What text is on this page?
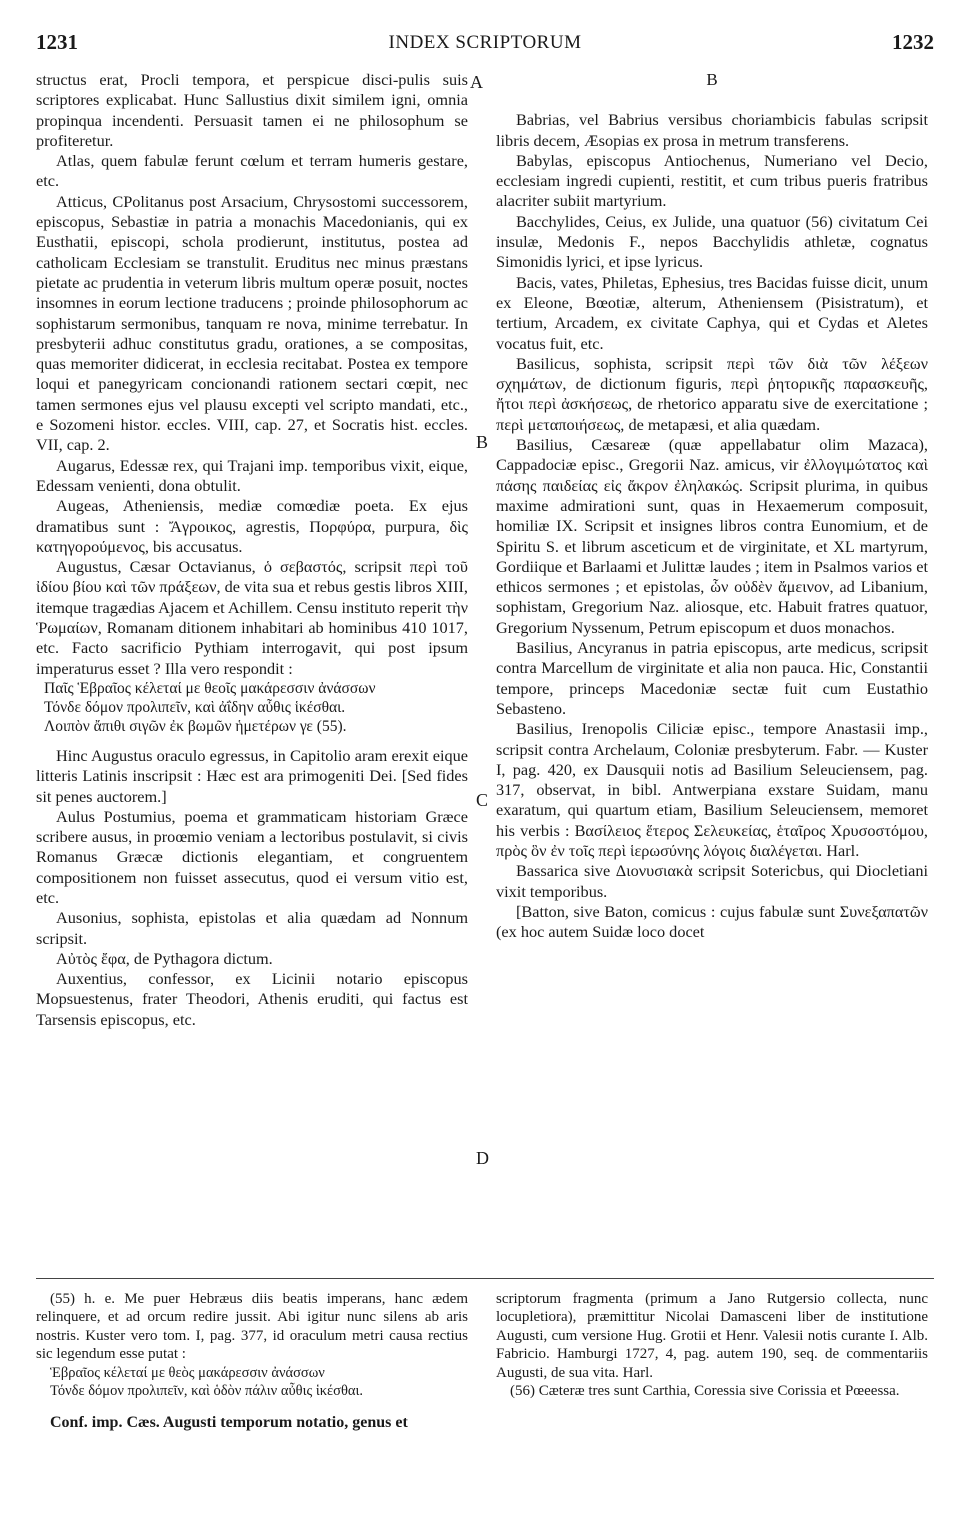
1231	INDEX SCRIPTORUM	1232
A
B
C
D

structus erat, Procli tempora, et perspicue disci-pulis suis scriptores explicabat. Hunc Sallustius dixit similem igni, omnia propinqua incendenti. Persuasit tamen ei ne philosophum se profiteretur.

Atlas, quem fabulæ ferunt cœlum et terram humeris gestare, etc.

Atticus, CPolitanus post Arsacium, Chrysostomi successorem, episcopus, Sebastiæ in patria a monachis Macedonianis, qui ex Eusthatii, episcopi, schola prodierunt, institutus, postea ad catholicam Ecclesiam se transtulit. Eruditus nec minus præstans pietate ac prudentia in veterum libris multum operæ posuit, noctes insomnes in eorum lectione traducens ; proinde philosophorum ac sophistarum sermonibus, tanquam re nova, minime terrebatur. In presbyterii adhuc constitutus gradu, orationes, a se compositas, quas memoriter didicerat, in ecclesia recitabat. Postea ex tempore loqui et panegyricam concionandi rationem sectari cœpit, nec tamen sermones ejus vel plausu excepti vel scripto mandati, etc., e Sozomeni histor. eccles. VIII, cap. 27, et Socratis hist. eccles. VII, cap. 2.

Augarus, Edessæ rex, qui Trajani imp. temporibus vixit, eique, Edessam venienti, dona obtulit.

Augeas, Atheniensis, mediæ comœdiæ poeta. Ex ejus dramatibus sunt : Ἄγροικος, agrestis, Πορφύρα, purpura, δὶς κατηγορούμενος, bis accusatus.

Augustus, Cæsar Octavianus, ὁ σεβαστός, scripsit περὶ τοῦ ἰδίου βίου καὶ τῶν πράξεων, de vita sua et rebus gestis libros XIII, itemque tragædias Ajacem et Achillem. Censu instituto reperit τὴν Ῥωμαίων, Romanam ditionem inhabitari ab hominibus 410 1017, etc. Facto sacrificio Pythiam interrogavit, qui post ipsum imperaturus esset ? Illa vero respondit :

Παῖς Ἑβραῖος κέλεταί με θεοῖς μακάρεσσιν ἀνάσσων

Τόνδε δόμον προλιπεῖν, καὶ ἀΐδην αὖθις ἱκέσθαι.

Λοιπὸν ἄπιθι σιγῶν ἐκ βωμῶν ἡμετέρων γε (55).

Hinc Augustus oraculo egressus, in Capitolio aram erexit eique litteris Latinis inscripsit : Hæc est ara primogeniti Dei. [Sed fides sit penes auctorem.]

Aulus Postumius, poema et grammaticam historiam Græce scribere ausus, in proœmio veniam a lectoribus postulavit, si civis Romanus Græcæ dictionis elegantiam, et congruentem compositionem non fuisset assecutus, quod ei versum vitio est, etc.

Ausonius, sophista, epistolas et alia quædam ad Nonnum scripsit.

Αὐτὸς ἔφα, de Pythagora dictum.

Auxentius, confessor, ex Licinii notario episcopus Mopsuestenus, frater Theodori, Athenis eruditi, qui factus est Tarsensis episcopus, etc.

B

Babrias, vel Babrius versibus choriambicis fabulas scripsit libris decem, Æsopias ex prosa in metrum transferens.

Babylas, episcopus Antiochenus, Numeriano vel Decio, ecclesiam ingredi cupienti, restitit, et cum tribus pueris fratribus alacriter subiit martyrium.

Bacchylides, Ceius, ex Julide, una quatuor (56) civitatum Cei insulæ, Medonis F., nepos Bacchylidis athletæ, cognatus Simonidis lyrici, et ipse lyricus.

Bacis, vates, Philetas, Ephesius, tres Bacidas fuisse dicit, unum ex Eleone, Bœotiæ, alterum, Atheniensem (Pisistratum), et tertium, Arcadem, ex civitate Caphya, qui et Cydas et Aletes vocatus fuit, etc.

Basilicus, sophista, scripsit περὶ τῶν διὰ τῶν λέξεων σχημάτων, de dictionum figuris, περὶ ῥητορικῆς παρασκευῆς, ἤτοι περὶ ἀσκήσεως, de rhetorico apparatu sive de exercitatione ; περὶ μεταποιήσεως, de metapæsi, et alia quædam.

Basilius, Cæsareæ (quæ appellabatur olim Mazaca), Cappadociæ episc., Gregorii Naz. amicus, vir ἐλλογιμώτατος καὶ πάσης παιδείας εἰς ἄκρον ἐληλακώς. Scripsit plurima, in quibus maxime admirationi sunt, quas in Hexaemerum composuit, homiliæ IX. Scripsit et insignes libros contra Eunomium, et de Spiritu S. et librum asceticum et de virginitate, et XL martyrum, Gordiique et Barlaami et Julittæ laudes ; item in Psalmos varios et ethicos sermones ; et epistolas, ὧν οὐδὲν ἄμεινον, ad Libanium, sophistam, Gregorium Naz. aliosque, etc. Habuit fratres quatuor, Gregorium Nyssenum, Petrum episcopum et duos monachos.

Basilius, Ancyranus in patria episcopus, arte medicus, scripsit contra Marcellum de virginitate et alia non pauca. Hic, Constantii tempore, princeps Macedoniæ sectæ fuit cum Eustathio Sebasteno.

Basilius, Irenopolis Ciliciæ episc., tempore Anastasii imp., scripsit contra Archelaum, Coloniæ presbyterum. Fabr. — Kuster I, pag. 420, ex Dausquii notis ad Basilium Seleuciensem, pag. 317, observat, in bibl. Antwerpiana exstare Suidam, manu exaratum, qui quartum etiam, Basilium Seleuciensem, memoret his verbis : Βασίλειος ἕτερος Σελευκείας, ἑταῖρος Χρυσοστόμου, πρὸς ὃν ἐν τοῖς περὶ ἱερωσύνης λόγοις διαλέγεται. Harl.

Bassarica sive Διονυσιακὰ scripsit Sotericbus, qui Diocletiani vixit temporibus.

[Batton, sive Baton, comicus : cujus fabulæ sunt Συνεξαπατῶν (ex hoc autem Suidæ loco docet

(55) h. e. Me puer Hebræus diis beatis imperans, hanc ædem relinquere, et ad orcum redire jussit. Abi igitur nunc silens ab aris nostris. Kuster vero tom. I, pag. 377, id oraculum metri causa rectius sic legendum esse putat :

Ἑβραῖος κέλεταί με θεὸς μακάρεσσιν ἀνάσσων

Τόνδε δόμον προλιπεῖν, καὶ ὁδὸν πάλιν αὖθις ἱκέσθαι.

Conf. imp. Cæs. Augusti temporum notatio, genus et

scriptorum fragmenta (primum a Jano Rutgersio collecta, nunc locupletiora), præmittitur Nicolai Damasceni liber de institutione Augusti, cum versione Hug. Grotii et Henr. Valesii notis curante I. Alb. Fabricio. Hamburgi 1727, 4, pag. autem 190, seq. de commentariis Augusti, de sua vita. Harl.

(56) Cæteræ tres sunt Carthia, Coressia sive Corissia et Pœeessa.
